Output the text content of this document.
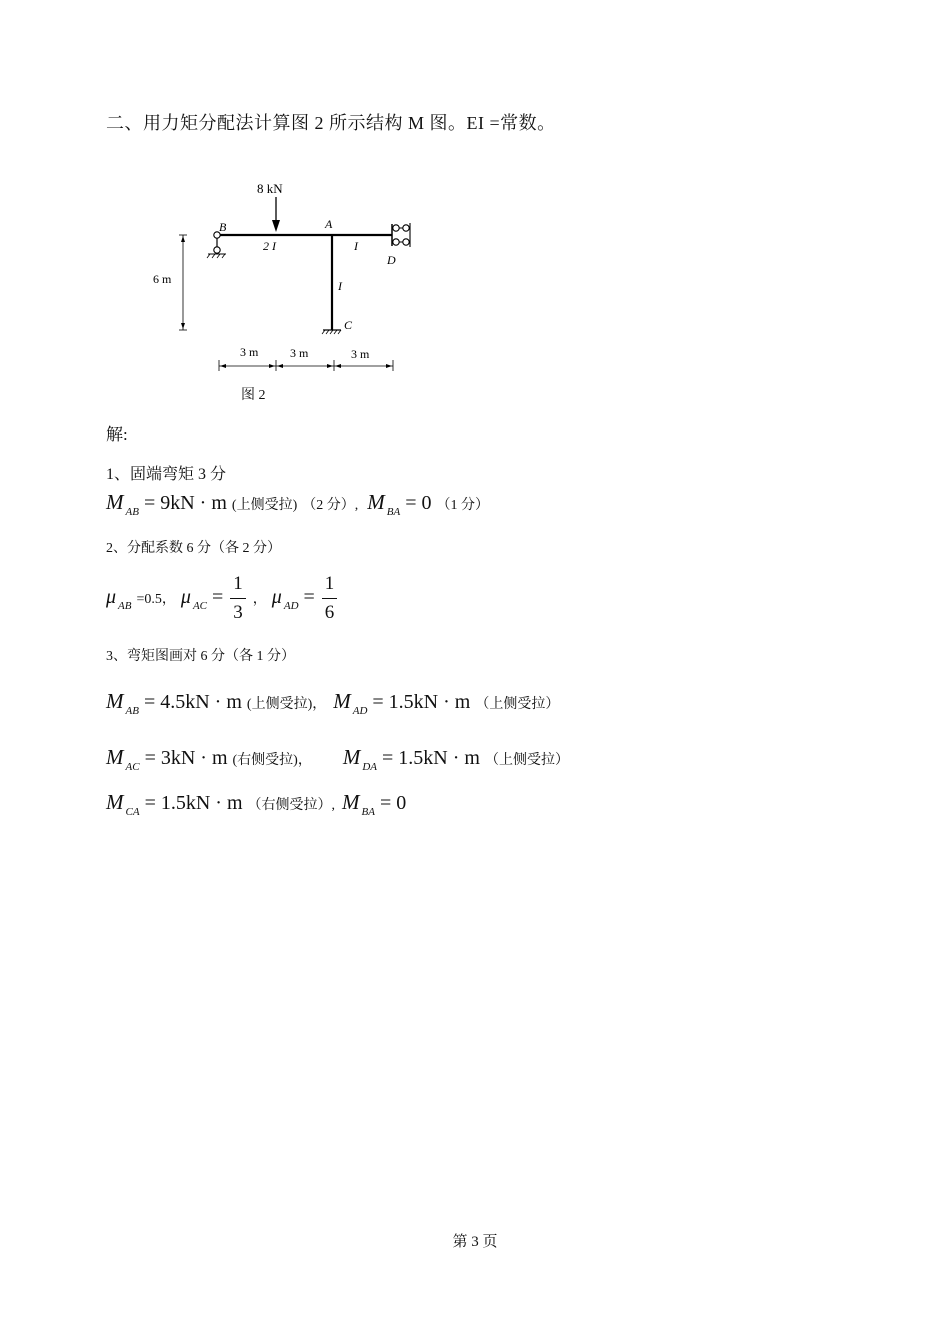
二、用力矩分配法计算图 2 所示结构 M 图。EI =常数。
8 kN
B	A
D
C
2 I	I
I
6 m
3 m	3 m	3 m
图 2
解:
1、固端弯矩 3 分
M $_{AB}$ = 9kN · m (上侧受拉) （2 分）, M $_{BA}$ = 0 （1 分）
2、分配系数 6 分（各 2 分）
μ $_{AB}$ =0.5， μ $_{AC} = \frac{1}{3}$ ， μ $_{AD} = \frac{1}{6}$
3、弯矩图画对 6 分（各 1 分）
M $_{AB}$ = 4.5kN · m (上侧受拉)， M $_{AD}$ = 1.5kN · m （上侧受拉）
M $_{AC}$ = 3kN · m (右侧受拉)， M $_{DA}$ = 1.5kN · m （上侧受拉）
M $_{CA}$ = 1.5kN · m （右侧受拉）, M $_{BA}$ = 0
第 3 页
